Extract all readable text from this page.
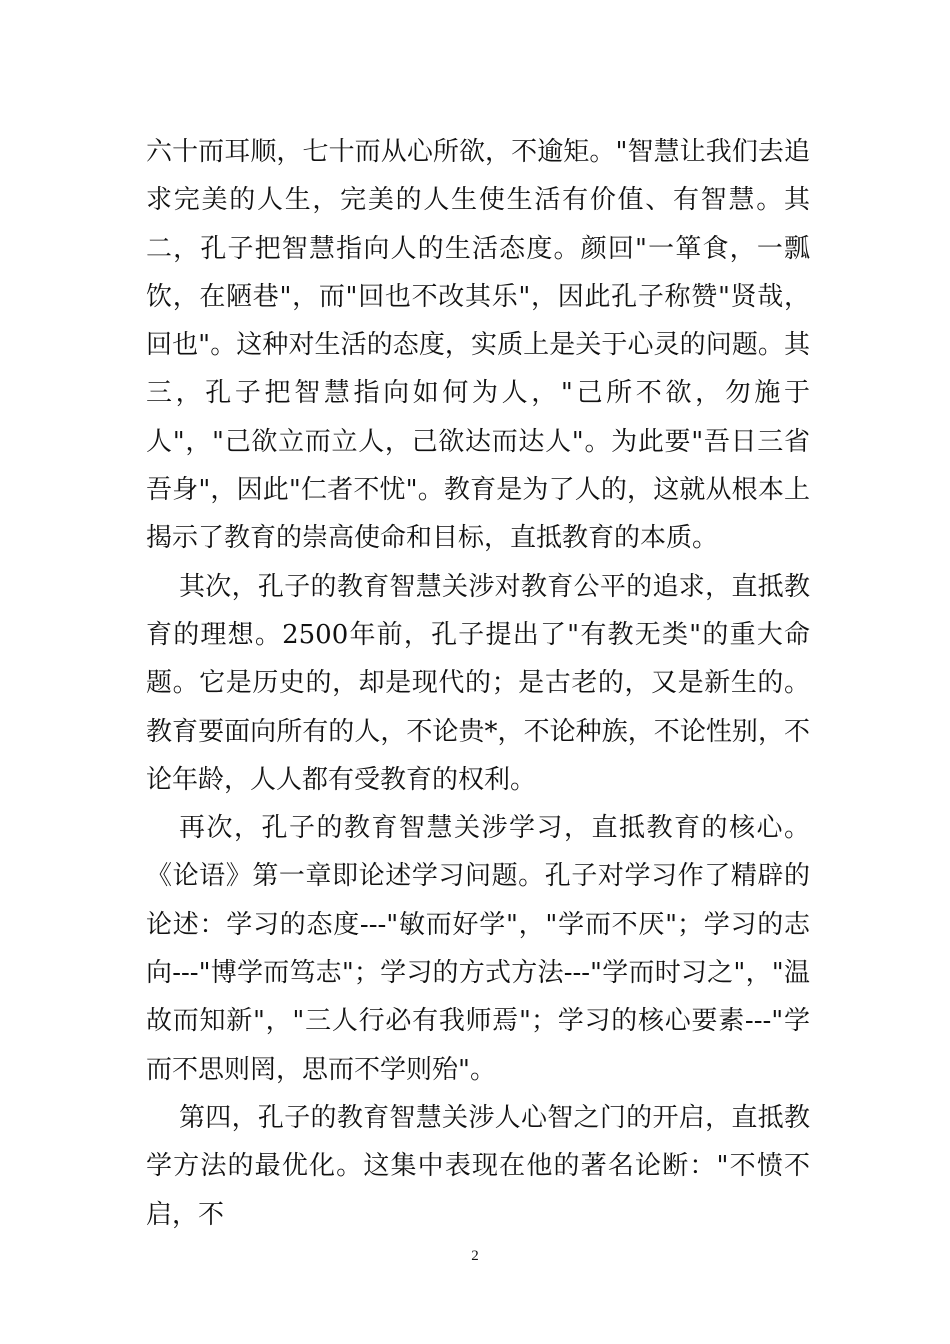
六十而耳顺，七十而从心所欲，不逾矩。"智慧让我们去追求完美的人生，完美的人生使生活有价值、有智慧。其二，孔子把智慧指向人的生活态度。颜回"一箪食，一瓢饮，在陋巷"，而"回也不改其乐"，因此孔子称赞"贤哉，回也"。这种对生活的态度，实质上是关于心灵的问题。其三，孔子把智慧指向如何为人，"己所不欲，勿施于人"，"己欲立而立人，己欲达而达人"。为此要"吾日三省吾身"，因此"仁者不忧"。教育是为了人的，这就从根本上揭示了教育的崇高使命和目标，直抵教育的本质。

其次，孔子的教育智慧关涉对教育公平的追求，直抵教育的理想。2500年前，孔子提出了"有教无类"的重大命题。它是历史的，却是现代的；是古老的，又是新生的。教育要面向所有的人，不论贵*，不论种族，不论性别，不论年龄，人人都有受教育的权利。

再次，孔子的教育智慧关涉学习，直抵教育的核心。《论语》第一章即论述学习问题。孔子对学习作了精辟的论述：学习的态度---"敏而好学"，"学而不厌"；学习的志向---"博学而笃志"；学习的方式方法---"学而时习之"，"温故而知新"，"三人行必有我师焉"；学习的核心要素---"学而不思则罔，思而不学则殆"。

第四，孔子的教育智慧关涉人心智之门的开启，直抵教学方法的最优化。这集中表现在他的著名论断："不愤不启，不

2
